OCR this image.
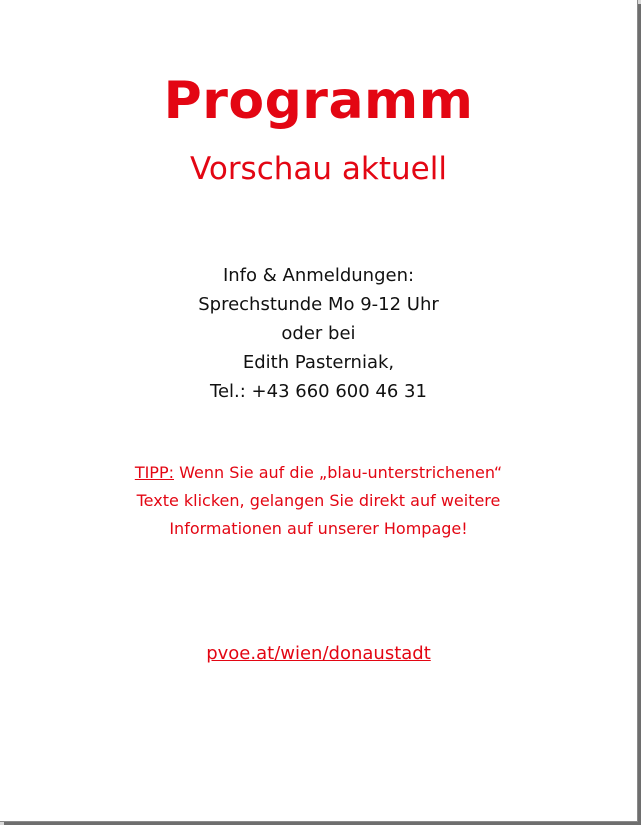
Programm
Vorschau aktuell
Info & Anmeldungen:
Sprechstunde Mo 9-12 Uhr
oder bei
Edith Pasterniak,
Tel.: +43 660 600 46 31
TIPP: Wenn Sie auf die „blau-unterstrichenen“
Texte klicken, gelangen Sie direkt auf weitere
Informationen auf unserer Hompage!
pvoe.at/wien/donaustadt
